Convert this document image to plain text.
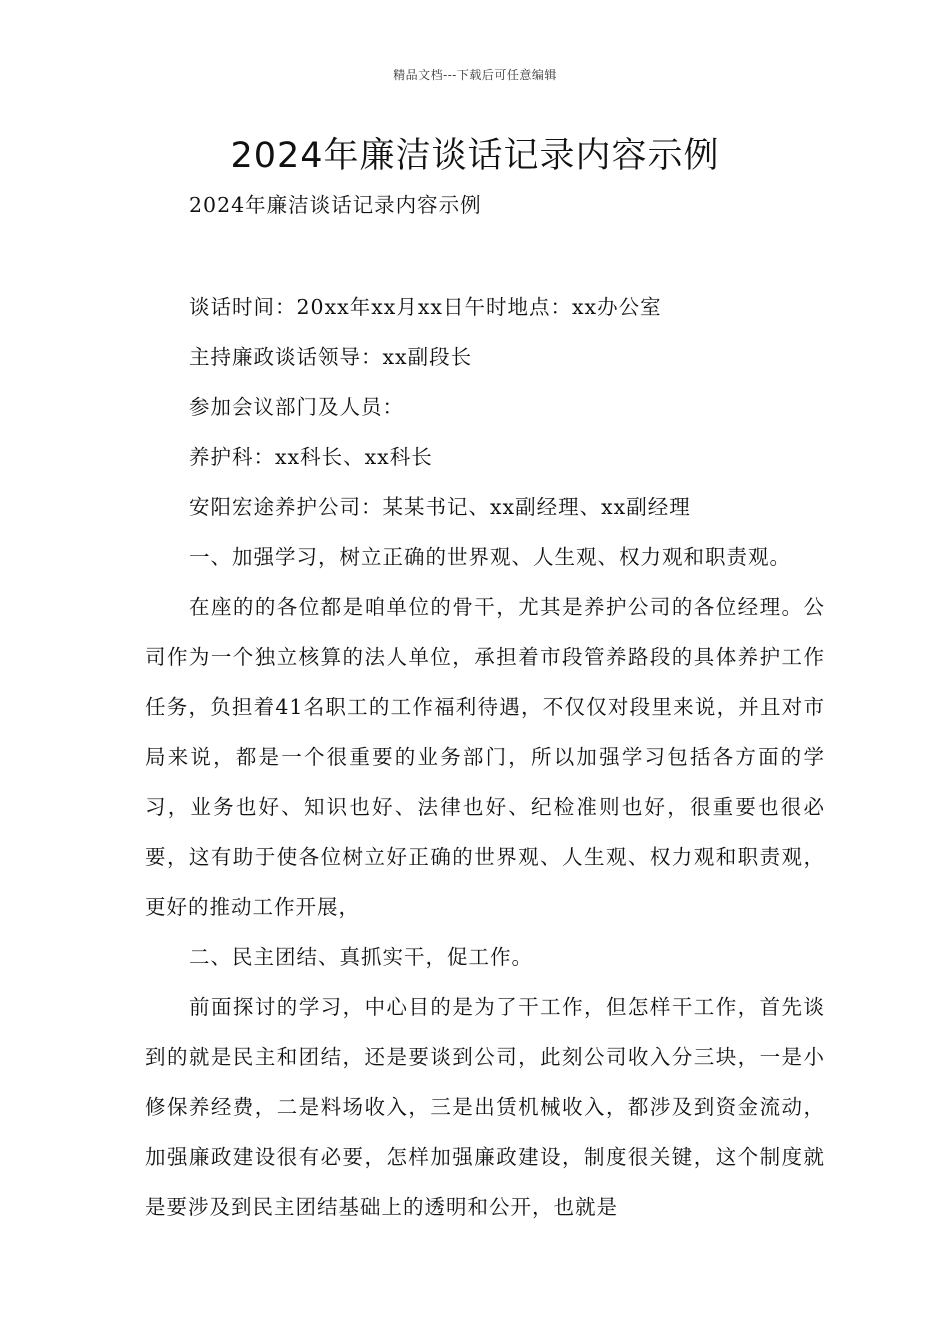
精品文档---下载后可任意编辑
2024年廉洁谈话记录内容示例

2024年廉洁谈话记录内容示例

谈话时间：20xx年xx月xx日午时地点：xx办公室

主持廉政谈话领导：xx副段长

参加会议部门及人员：

养护科：xx科长、xx科长

安阳宏途养护公司：某某书记、xx副经理、xx副经理

一、加强学习，树立正确的世界观、人生观、权力观和职责观。

在座的的各位都是咱单位的骨干，尤其是养护公司的各位经理。公司作为一个独立核算的法人单位，承担着市段管养路段的具体养护工作任务，负担着41名职工的工作福利待遇，不仅仅对段里来说，并且对市局来说，都是一个很重要的业务部门，所以加强学习包括各方面的学习，业务也好、知识也好、法律也好、纪检准则也好，很重要也很必要，这有助于使各位树立好正确的世界观、人生观、权力观和职责观，更好的推动工作开展，

二、民主团结、真抓实干，促工作。

前面探讨的学习，中心目的是为了干工作，但怎样干工作，首先谈到的就是民主和团结，还是要谈到公司，此刻公司收入分三块，一是小修保养经费，二是料场收入，三是出赁机械收入，都涉及到资金流动，加强廉政建设很有必要，怎样加强廉政建设，制度很关键，这个制度就是要涉及到民主团结基础上的透明和公开，也就是
